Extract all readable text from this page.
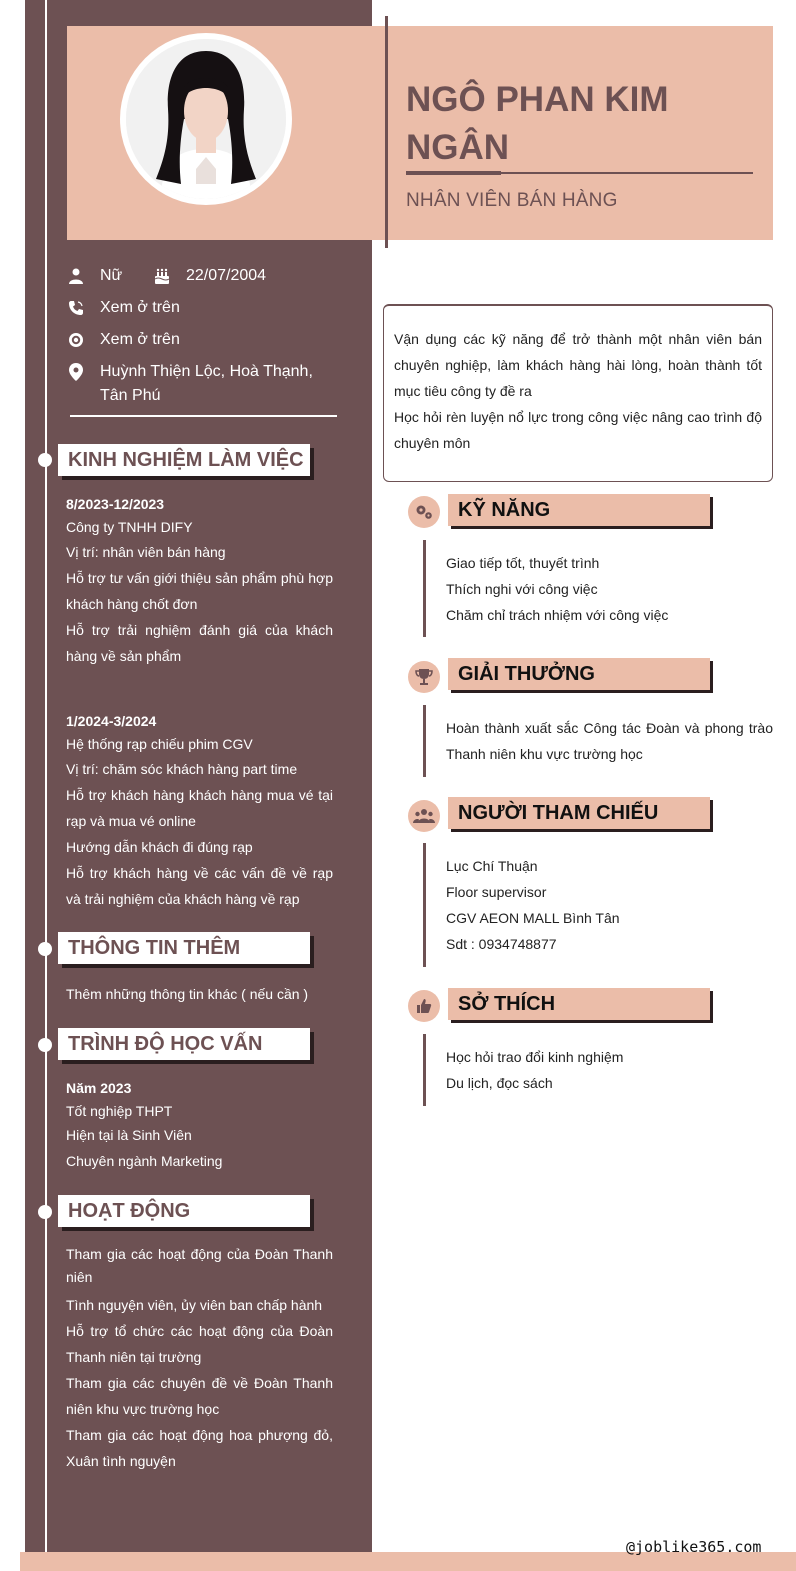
NGÔ PHAN KIM NGÂN
NHÂN VIÊN BÁN HÀNG
Nữ	22/07/2004
Xem ở trên
Xem ở trên
Huỳnh Thiện Lộc, Hoà Thạnh, Tân Phú
KINH NGHIỆM LÀM VIỆC
8/2023-12/2023
Công ty TNHH DIFY
Vị trí: nhân viên bán hàng
Hỗ trợ tư vấn giới thiệu sản phẩm phù hợp khách hàng chốt đơn
Hỗ trợ trải nghiệm đánh giá của khách hàng về sản phẩm
1/2024-3/2024
Hệ thống rạp chiếu phim CGV
Vị trí: chăm sóc khách hàng part time
Hỗ trợ khách hàng khách hàng mua vé tại rạp và mua vé online
Hướng dẫn khách đi đúng rạp
Hỗ trợ khách hàng về các vấn đề về rạp và trải nghiệm của khách hàng về rạp
THÔNG TIN THÊM
Thêm những thông tin khác ( nếu cần )
TRÌNH ĐỘ HỌC VẤN
Năm 2023
Tốt nghiệp THPT
Hiện tại là Sinh Viên
Chuyên ngành Marketing
HOẠT ĐỘNG
Tham gia các hoạt động của Đoàn Thanh niên
Tình nguyện viên, ủy viên ban chấp hành
Hỗ trợ tổ chức các hoạt động của Đoàn Thanh niên tại trường
Tham gia các chuyên đề về Đoàn Thanh niên khu vực trường học
Tham gia các hoạt động hoa phượng đỏ, Xuân tình nguyện
Vận dụng các kỹ năng để trở thành một nhân viên bán chuyên nghiệp, làm khách hàng hài lòng, hoàn thành tốt mục tiêu công ty đề ra
Học hỏi rèn luyện nổ lực trong công việc nâng cao trình độ chuyên môn
KỸ NĂNG
Giao tiếp tốt, thuyết trình
Thích nghi với công việc
Chăm chỉ trách nhiệm với công việc
GIẢI THƯỞNG
Hoàn thành xuất sắc Công tác Đoàn và phong trào Thanh niên khu vực trường học
NGƯỜI THAM CHIẾU
Lục Chí Thuận
Floor supervisor
CGV AEON MALL Bình Tân
Sdt : 0934748877
SỞ THÍCH
Học hỏi trao đổi kinh nghiệm
Du lịch, đọc sách
@joblike365.com
